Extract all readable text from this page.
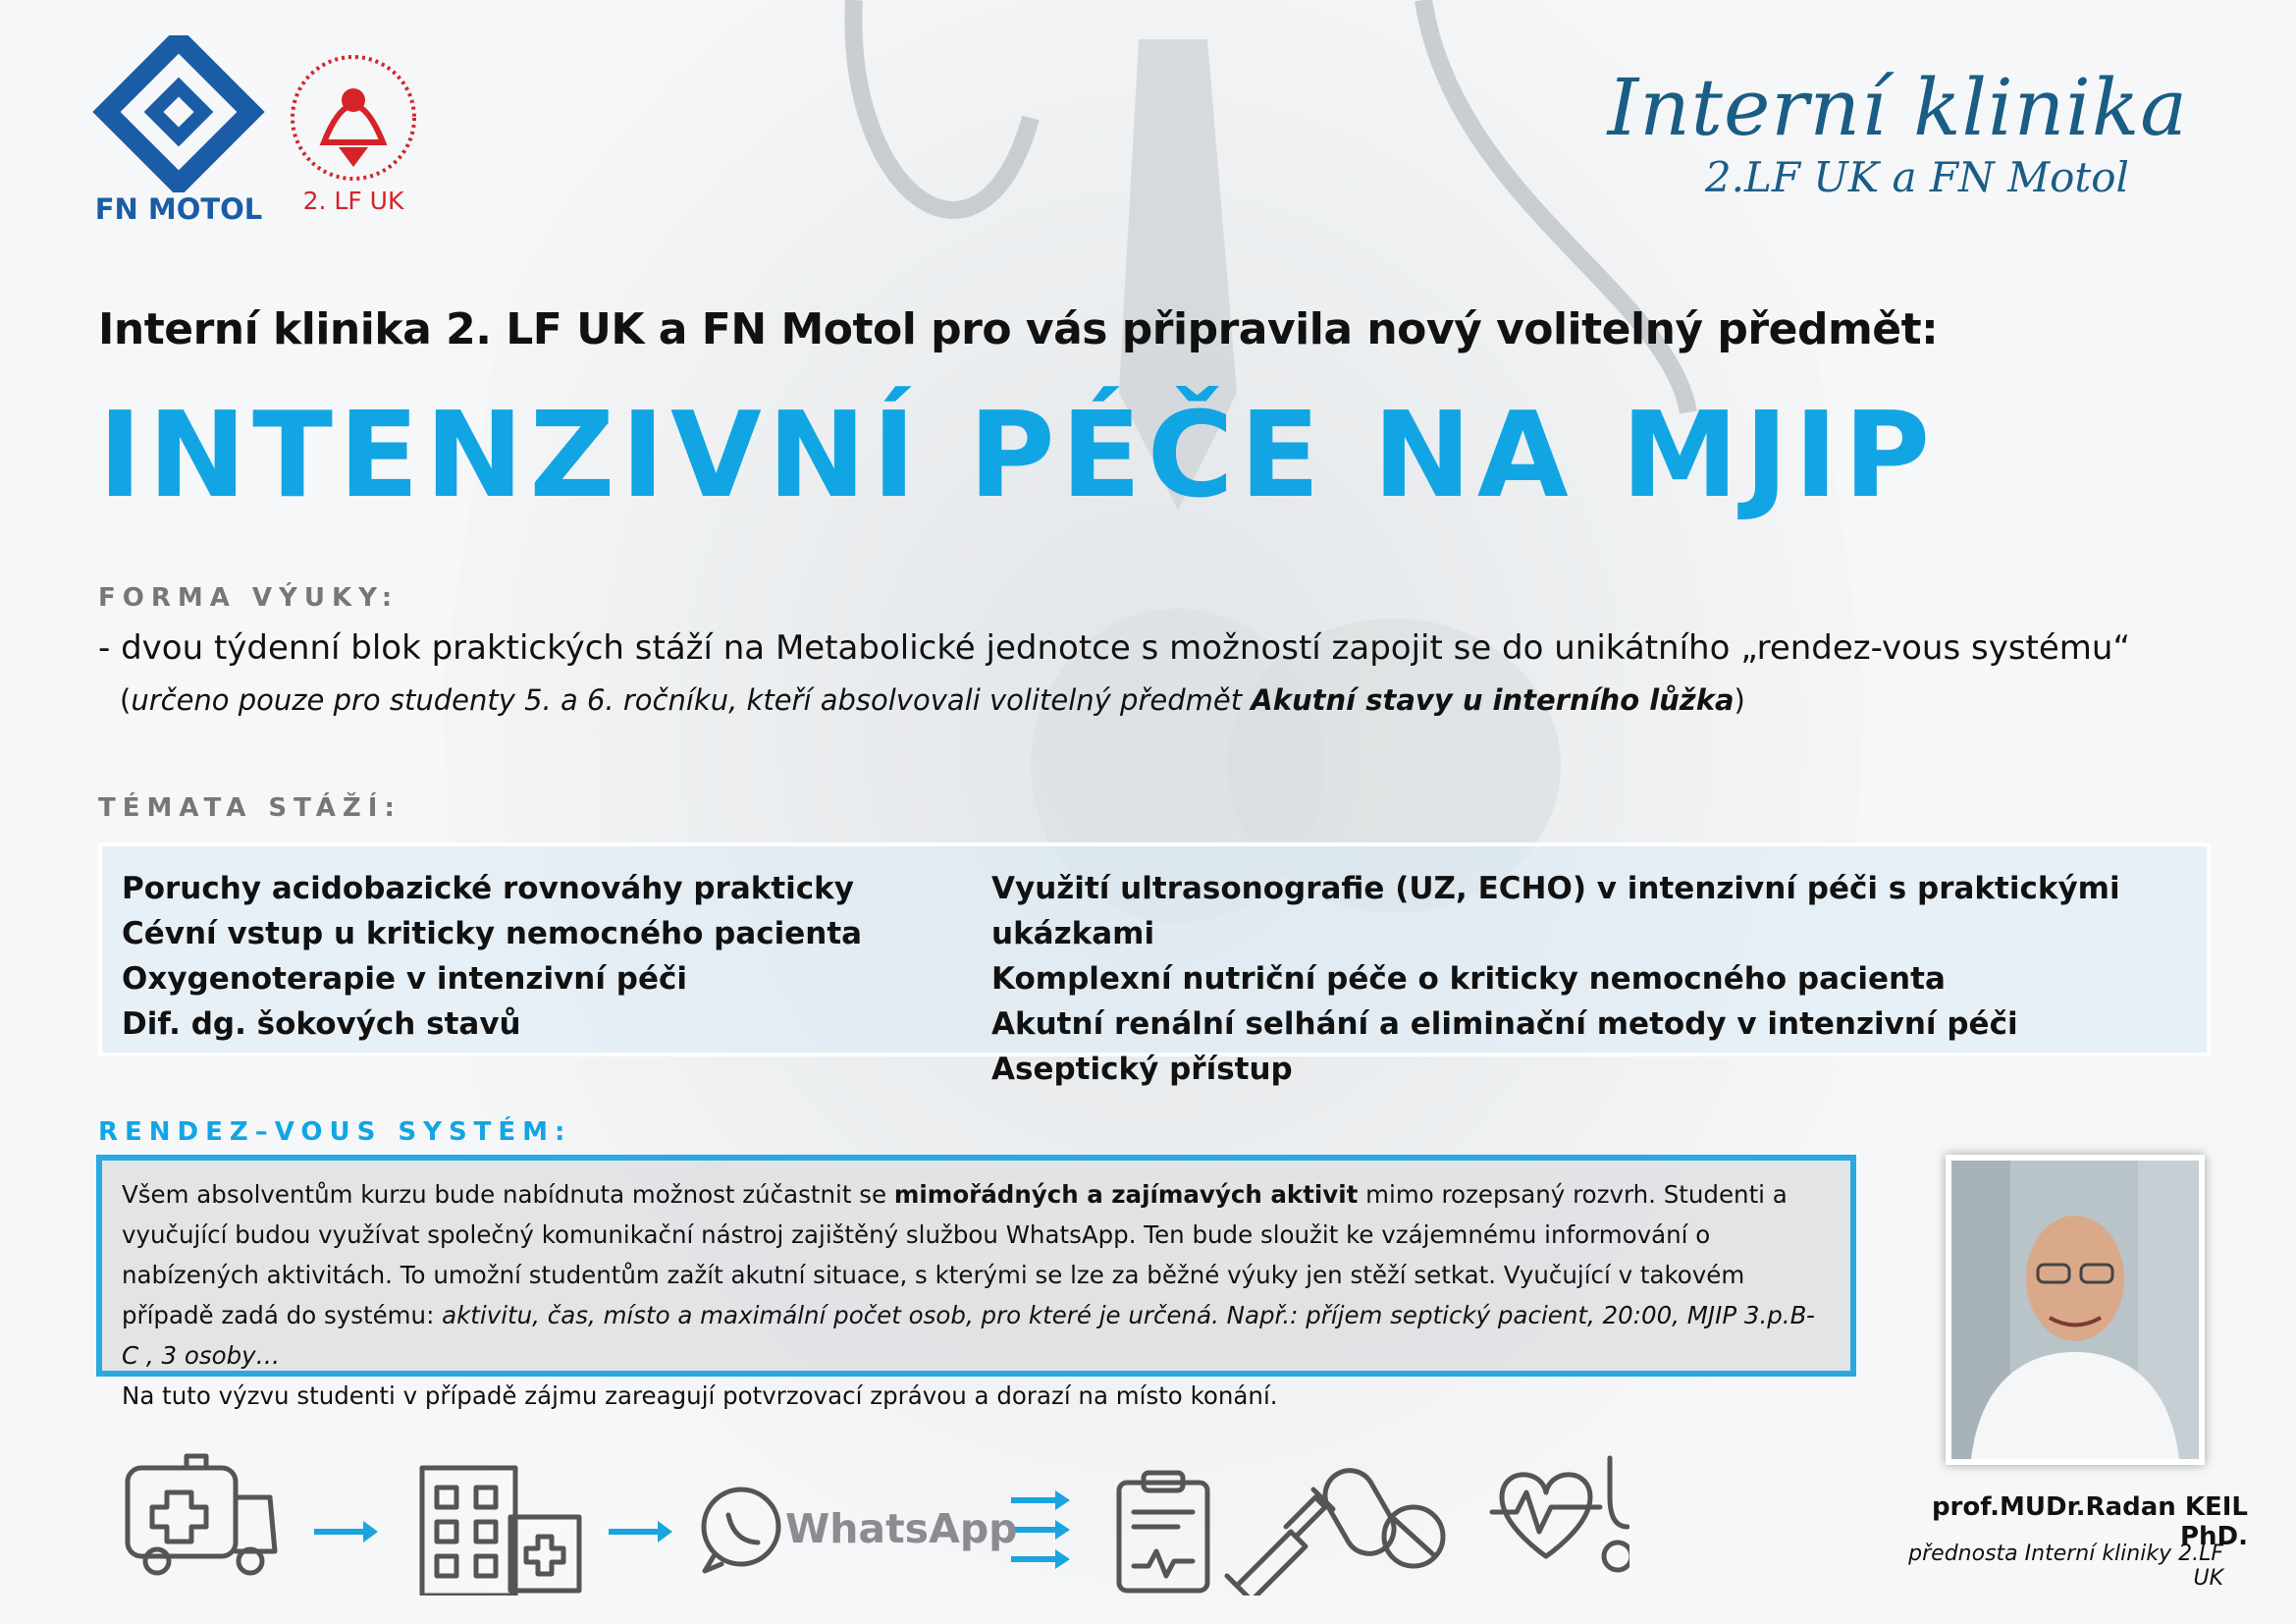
FN MOTOL	2. LF UK
Interní klinika
2.LF UK a FN Motol
Interní klinika 2. LF UK a FN Motol pro vás připravila nový volitelný předmět:
INTENZIVNÍ PÉČE NA MJIP
FORMA VÝUKY:
- dvou týdenní blok praktických stáží na Metabolické jednotce s možností zapojit se do unikátního „rendez-vous systému“
(určeno pouze pro studenty 5. a 6. ročníku, kteří absolvovali volitelný předmět Akutní stavy u interního lůžka)
TÉMATA STÁŽÍ:
Poruchy acidobazické rovnováhy prakticky
Cévní vstup u kriticky nemocného pacienta
Oxygenoterapie v intenzivní péči
Dif. dg. šokových stavů
Využití ultrasonografie (UZ, ECHO) v intenzivní péči s praktickými ukázkami
Komplexní nutriční péče o kriticky nemocného pacienta
Akutní renální selhání a eliminační metody v intenzivní péči
Aseptický přístup
RENDEZ–VOUS SYSTÉM:
Všem absolventům kurzu bude nabídnuta možnost zúčastnit se mimořádných a zajímavých aktivit mimo rozepsaný rozvrh. Studenti a vyučující budou využívat společný komunikační nástroj zajištěný službou WhatsApp. Ten bude sloužit ke vzájemnému informování o nabízených aktivitách. To umožní studentům zažít akutní situace, s kterými se lze za běžné výuky jen stěží setkat. Vyučující v takovém případě zadá do systému: aktivitu, čas, místo a maximální počet osob, pro které je určená. Např.: příjem septický pacient, 20:00, MJIP 3.p.B-C , 3 osoby…
Na tuto výzvu studenti v případě zájmu zareagují potvrzovací zprávou a dorazí na místo konání.
prof.MUDr.Radan KEIL PhD.
přednosta Interní kliniky 2.LF UK
WhatsApp
